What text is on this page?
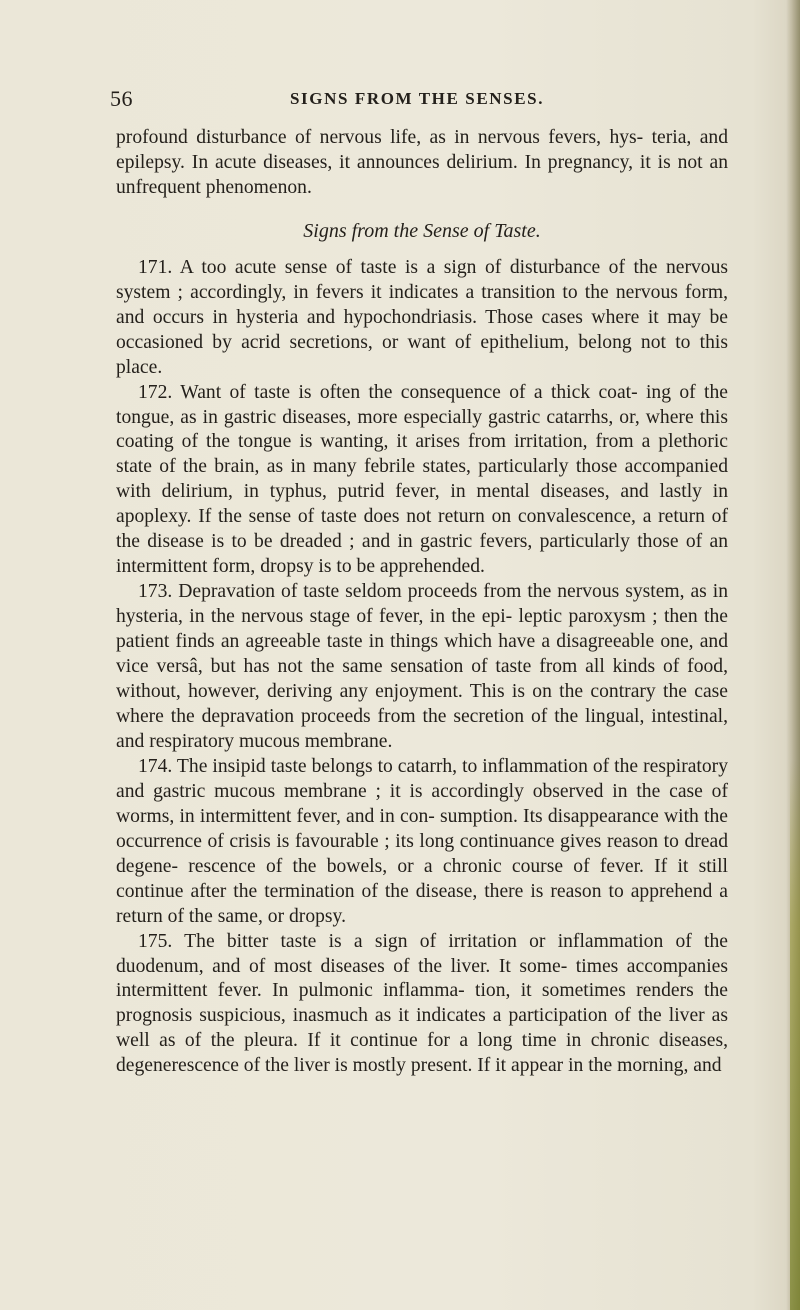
56	SIGNS FROM THE SENSES.

profound disturbance of nervous life, as in nervous fevers, hys- teria, and epilepsy. In acute diseases, it announces delirium. In pregnancy, it is not an unfrequent phenomenon.

Signs from the Sense of Taste.

171. A too acute sense of taste is a sign of disturbance of the nervous system ; accordingly, in fevers it indicates a transition to the nervous form, and occurs in hysteria and hypochondriasis. Those cases where it may be occasioned by acrid secretions, or want of epithelium, belong not to this place.

172. Want of taste is often the consequence of a thick coat- ing of the tongue, as in gastric diseases, more especially gastric catarrhs, or, where this coating of the tongue is wanting, it arises from irritation, from a plethoric state of the brain, as in many febrile states, particularly those accompanied with delirium, in typhus, putrid fever, in mental diseases, and lastly in apoplexy. If the sense of taste does not return on convalescence, a return of the disease is to be dreaded ; and in gastric fevers, particularly those of an intermittent form, dropsy is to be apprehended.

173. Depravation of taste seldom proceeds from the nervous system, as in hysteria, in the nervous stage of fever, in the epi- leptic paroxysm ; then the patient finds an agreeable taste in things which have a disagreeable one, and vice versâ, but has not the same sensation of taste from all kinds of food, without, however, deriving any enjoyment. This is on the contrary the case where the depravation proceeds from the secretion of the lingual, intestinal, and respiratory mucous membrane.

174. The insipid taste belongs to catarrh, to inflammation of the respiratory and gastric mucous membrane ; it is accordingly observed in the case of worms, in intermittent fever, and in con- sumption. Its disappearance with the occurrence of crisis is favourable ; its long continuance gives reason to dread degene- rescence of the bowels, or a chronic course of fever. If it still continue after the termination of the disease, there is reason to apprehend a return of the same, or dropsy.

175. The bitter taste is a sign of irritation or inflammation of the duodenum, and of most diseases of the liver. It some- times accompanies intermittent fever. In pulmonic inflamma- tion, it sometimes renders the prognosis suspicious, inasmuch as it indicates a participation of the liver as well as of the pleura. If it continue for a long time in chronic diseases, degenerescence of the liver is mostly present. If it appear in the morning, and
